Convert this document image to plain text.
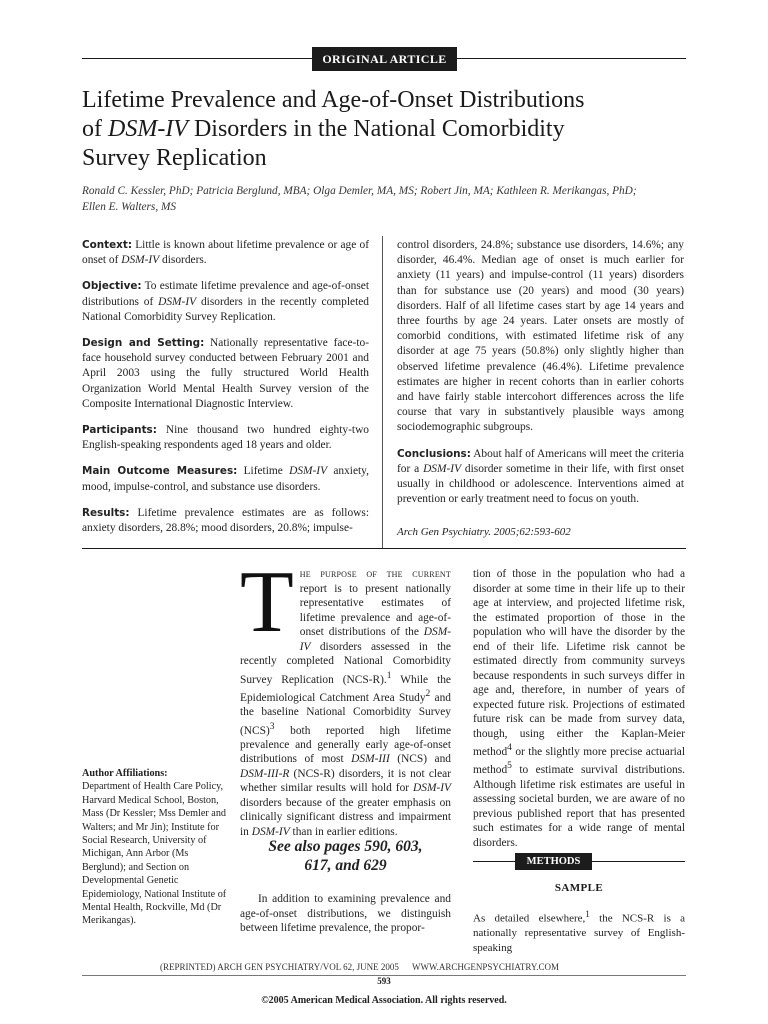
ORIGINAL ARTICLE
Lifetime Prevalence and Age-of-Onset Distributions
of DSM-IV Disorders in the National Comorbidity
Survey Replication
Ronald C. Kessler, PhD; Patricia Berglund, MBA; Olga Demler, MA, MS; Robert Jin, MA; Kathleen R. Merikangas, PhD;
Ellen E. Walters, MS
Context: Little is known about lifetime prevalence or age of onset of DSM-IV disorders.
Objective: To estimate lifetime prevalence and age-of-onset distributions of DSM-IV disorders in the recently completed National Comorbidity Survey Replication.
Design and Setting: Nationally representative face-to-face household survey conducted between February 2001 and April 2003 using the fully structured World Health Organization World Mental Health Survey version of the Composite International Diagnostic Interview.
Participants: Nine thousand two hundred eighty-two English-speaking respondents aged 18 years and older.
Main Outcome Measures: Lifetime DSM-IV anxiety, mood, impulse-control, and substance use disorders.
Results: Lifetime prevalence estimates are as follows: anxiety disorders, 28.8%; mood disorders, 20.8%; impulse-
control disorders, 24.8%; substance use disorders, 14.6%; any disorder, 46.4%. Median age of onset is much earlier for anxiety (11 years) and impulse-control (11 years) disorders than for substance use (20 years) and mood (30 years) disorders. Half of all lifetime cases start by age 14 years and three fourths by age 24 years. Later onsets are mostly of comorbid conditions, with estimated lifetime risk of any disorder at age 75 years (50.8%) only slightly higher than observed lifetime prevalence (46.4%). Lifetime prevalence estimates are higher in recent cohorts than in earlier cohorts and have fairly stable intercohort differences across the life course that vary in substantively plausible ways among sociodemographic subgroups.
Conclusions: About half of Americans will meet the criteria for a DSM-IV disorder sometime in their life, with first onset usually in childhood or adolescence. Interventions aimed at prevention or early treatment need to focus on youth.
Arch Gen Psychiatry. 2005;62:593-602
Author Affiliations:
Department of Health Care Policy, Harvard Medical School, Boston, Mass (Dr Kessler; Mss Demler and Walters; and Mr Jin); Institute for Social Research, University of Michigan, Ann Arbor (Ms Berglund); and Section on Developmental Genetic Epidemiology, National Institute of Mental Health, Rockville, Md (Dr Merikangas).
The purpose of the current report is to present nationally representative estimates of lifetime prevalence and age-of-onset distributions of the DSM-IV disorders assessed in the recently completed National Comorbidity Survey Replication (NCS-R).$^1$ While the Epidemiological Catchment Area Study$^2$ and the baseline National Comorbidity Survey (NCS)$^3$ both reported high lifetime prevalence and generally early age-of-onset distributions of most DSM-III (NCS) and DSM-III-R (NCS-R) disorders, it is not clear whether similar results will hold for DSM-IV disorders because of the greater emphasis on clinically significant distress and impairment in DSM-IV than in earlier editions.
See also pages 590, 603,
617, and 629
In addition to examining prevalence and age-of-onset distributions, we distinguish between lifetime prevalence, the propor-
tion of those in the population who had a disorder at some time in their life up to their age at interview, and projected lifetime risk, the estimated proportion of those in the population who will have the disorder by the end of their life. Lifetime risk cannot be estimated directly from community surveys because respondents in such surveys differ in age and, therefore, in number of years of expected future risk. Projections of estimated future risk can be made from survey data, though, using either the Kaplan-Meier method$^4$ or the slightly more precise actuarial method$^5$ to estimate survival distributions. Although lifetime risk estimates are useful in assessing societal burden, we are aware of no previous published report that has presented such estimates for a wide range of mental disorders.
METHODS
SAMPLE
As detailed elsewhere,$^1$ the NCS-R is a nationally representative survey of English-speaking
(REPRINTED) ARCH GEN PSYCHIATRY/VOL 62, JUNE 2005 WWW.ARCHGENPSYCHIATRY.COM
593
©2005 American Medical Association. All rights reserved.
